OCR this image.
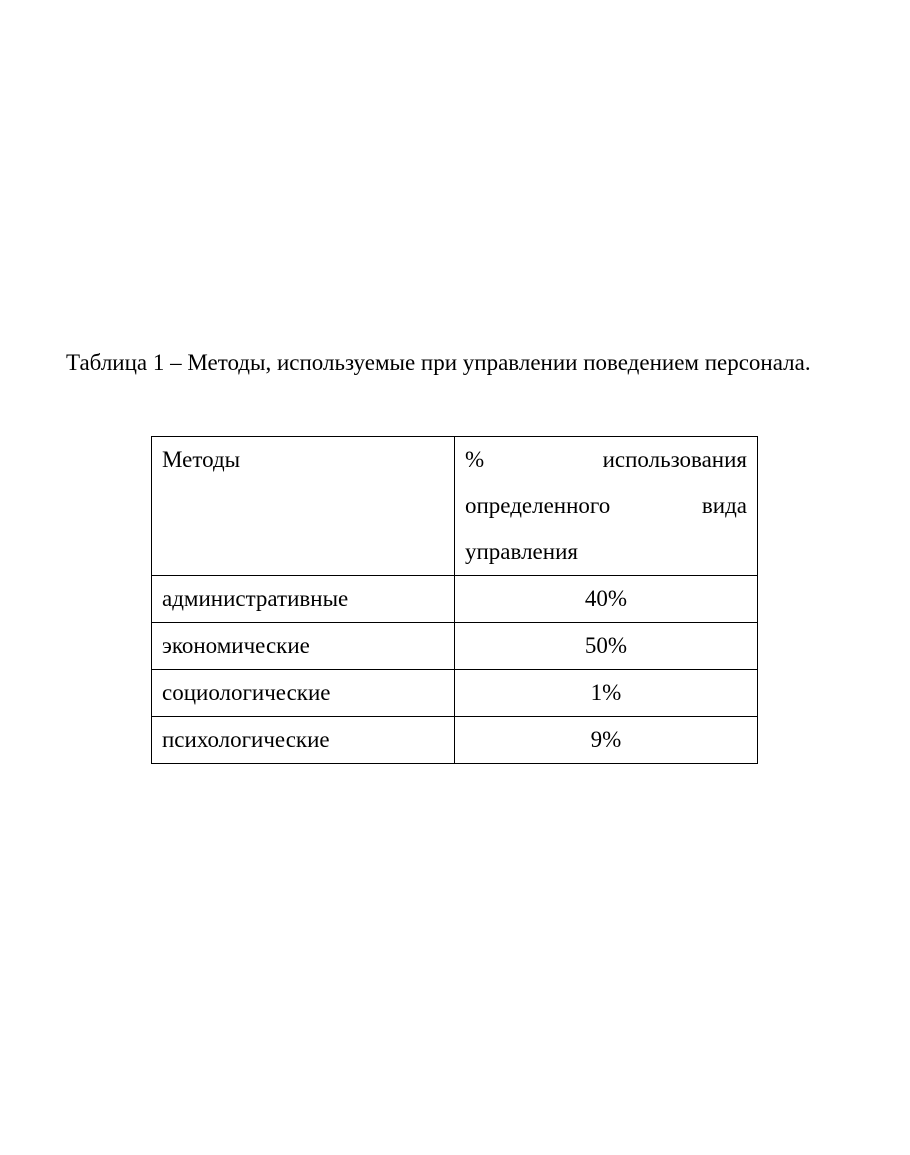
Таблица 1 – Методы, используемые при управлении поведением персонала.
Методы	% использования определенного вида управления
административные	40%
экономические	50%
социологические	1%
психологические	9%
